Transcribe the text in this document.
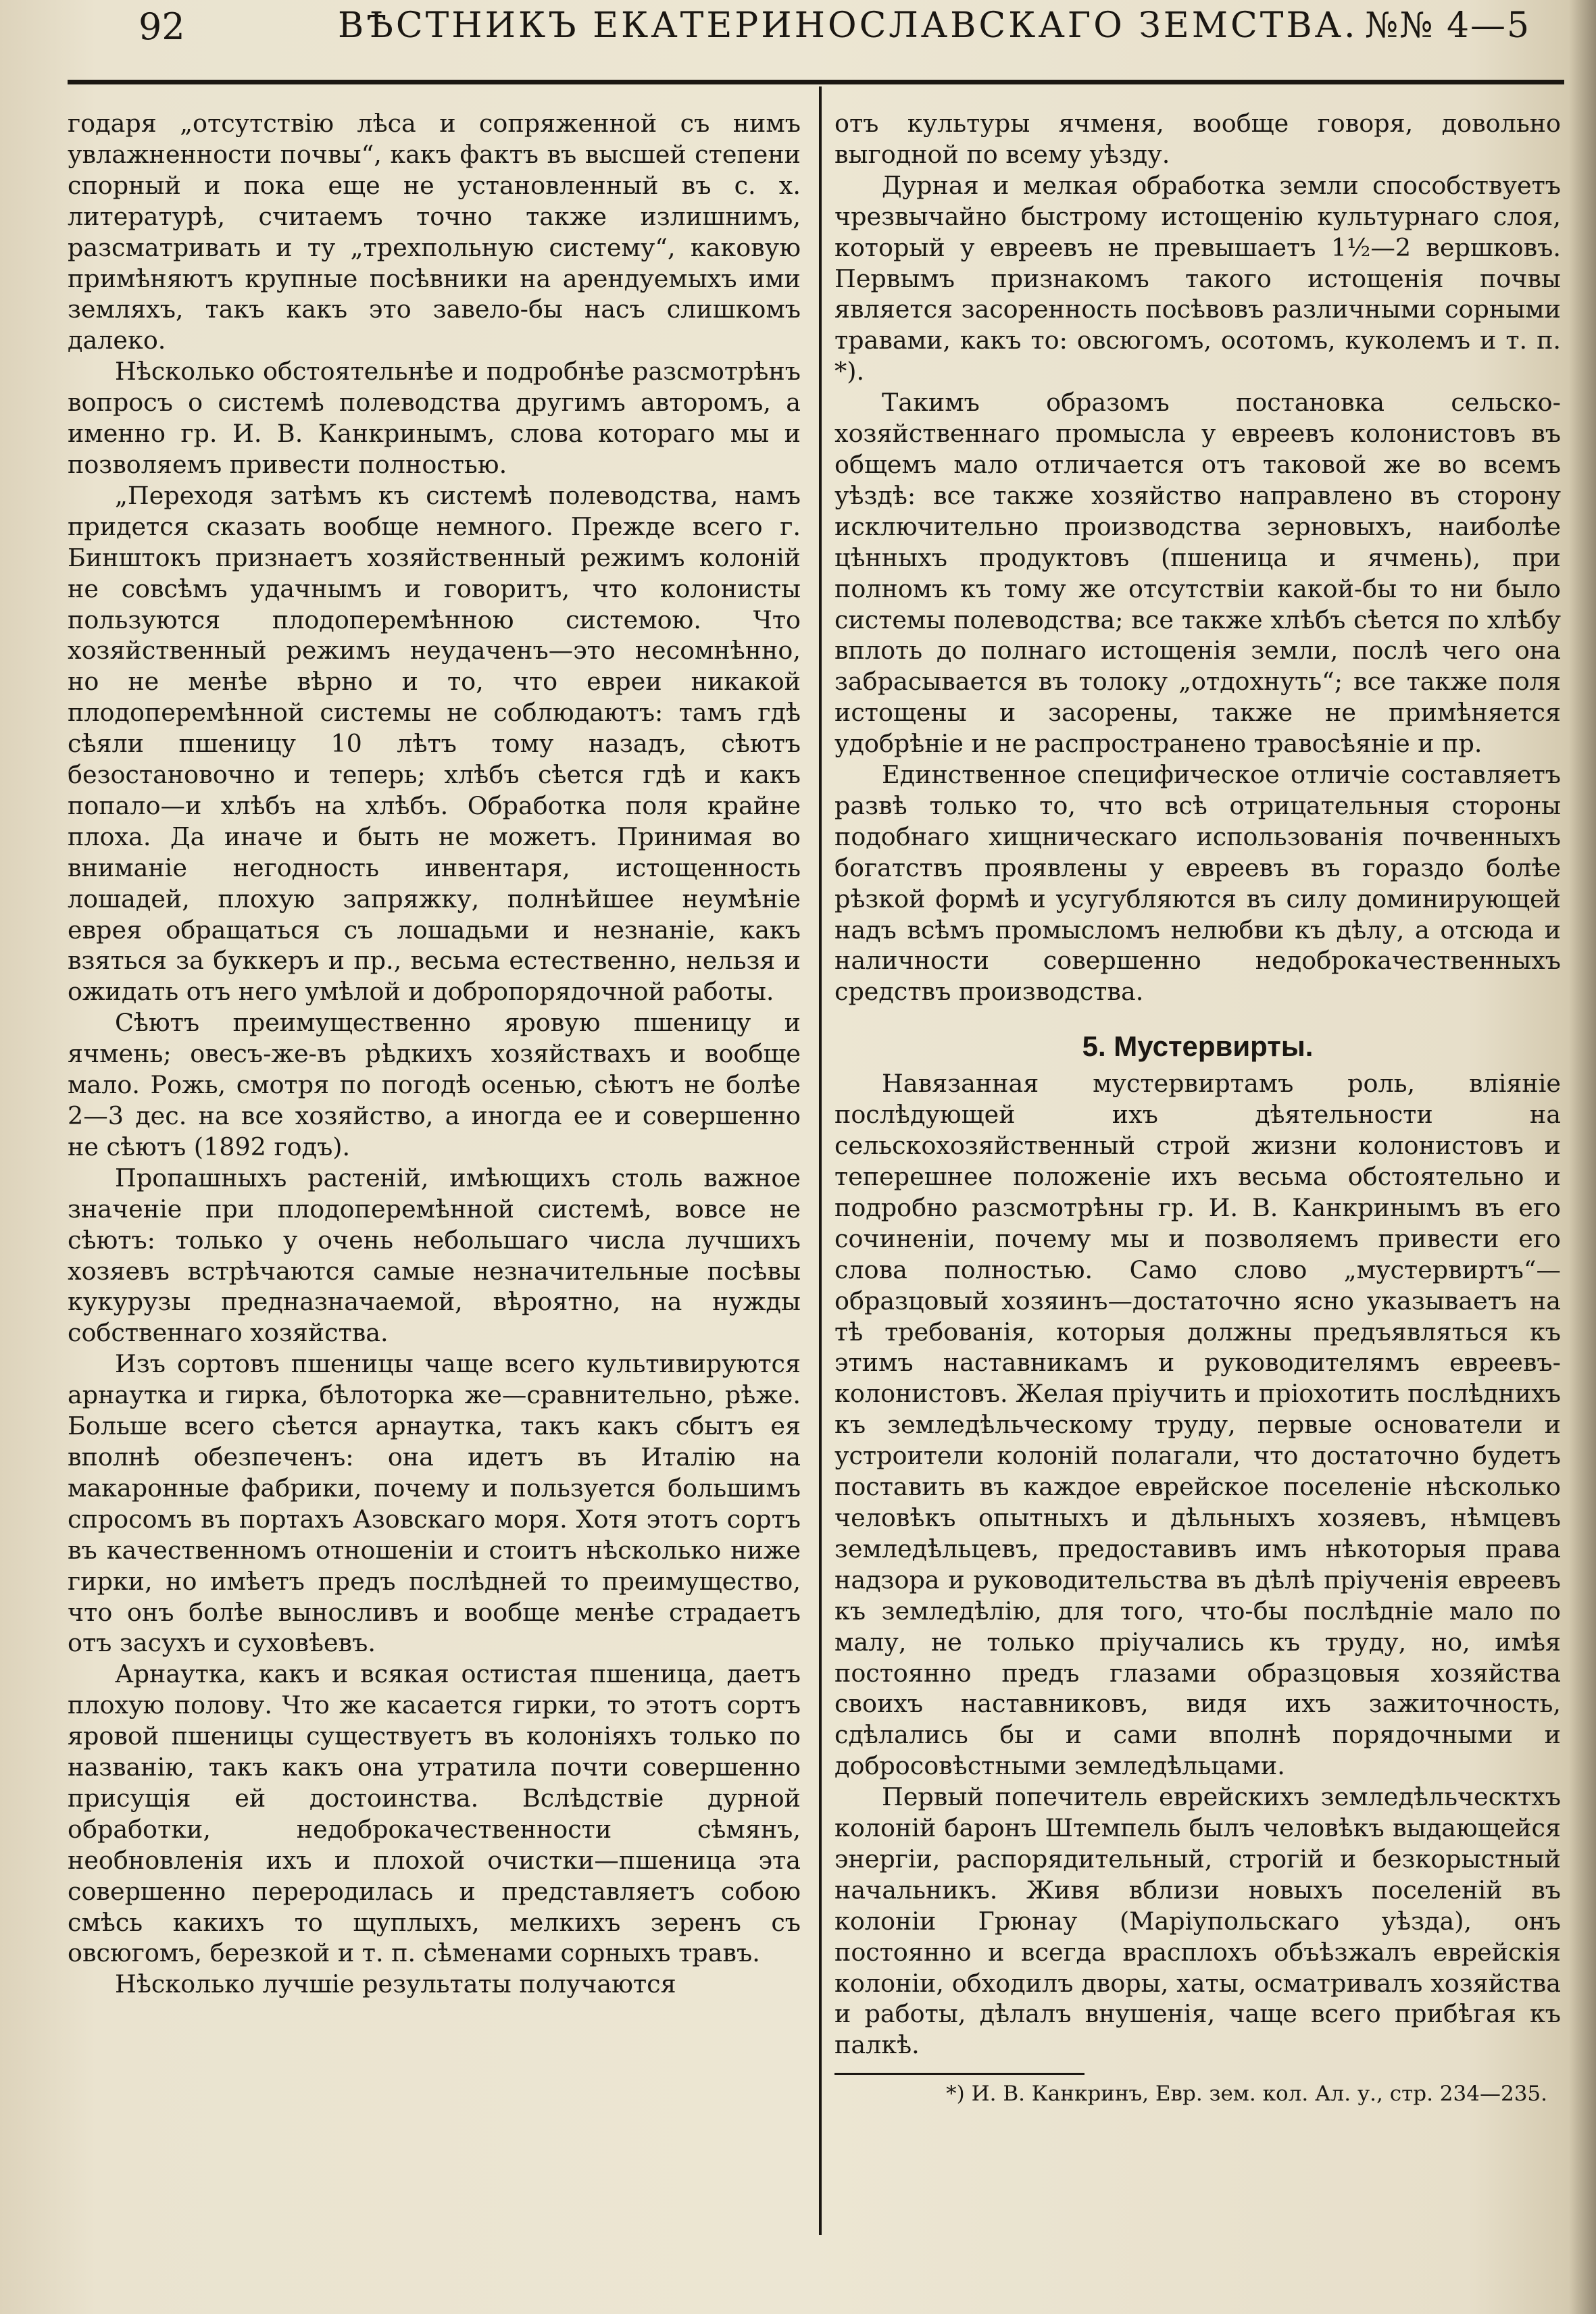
92	ВѢСТНИКЪ ЕКАТЕРИНОСЛАВСКАГО ЗЕМСТВА. №№ 4—5

годаря „отсутствію лѣса и сопряженной съ нимъ увлажненности почвы“, какъ фактъ въ высшей степени спорный и пока еще не установленный въ с. х. литературѣ, считаемъ точно также излишнимъ, разсматривать и ту „трехпольную систему“, каковую примѣняютъ крупные посѣвники на арендуемыхъ ими земляхъ, такъ какъ это завело-бы насъ слишкомъ далеко.

Нѣсколько обстоятельнѣе и подробнѣе разсмотрѣнъ вопросъ о системѣ полеводства другимъ авторомъ, а именно гр. И. В. Канкринымъ, слова котораго мы и позволяемъ привести полностью.

„Переходя затѣмъ къ системѣ полеводства, намъ придется сказать вообще немного. Прежде всего г. Бинштокъ признаетъ хозяйственный режимъ колоній не совсѣмъ удачнымъ и говоритъ, что колонисты пользуются плодоперемѣнною системою. Что хозяйственный режимъ неудаченъ—это несомнѣнно, но не менѣе вѣрно и то, что евреи никакой плодоперемѣнной системы не соблюдаютъ: тамъ гдѣ сѣяли пшеницу 10 лѣтъ тому назадъ, сѣютъ безостановочно и теперь; хлѣбъ сѣется гдѣ и какъ попало—и хлѣбъ на хлѣбъ. Обработка поля крайне плоха. Да иначе и быть не можетъ. Принимая во вниманіе негодность инвентаря, истощенность лошадей, плохую запряжку, полнѣйшее неумѣніе еврея обращаться съ лошадьми и незнаніе, какъ взяться за буккеръ и пр., весьма естественно, нельзя и ожидать отъ него умѣлой и добропорядочной работы.

Сѣютъ преимущественно яровую пшеницу и ячмень; овесъ-же-въ рѣдкихъ хозяйствахъ и вообще мало. Рожь, смотря по погодѣ осенью, сѣютъ не болѣе 2—3 дес. на все хозяйство, а иногда ее и совершенно не сѣютъ (1892 годъ).

Пропашныхъ растеній, имѣющихъ столь важное значеніе при плодоперемѣнной системѣ, вовсе не сѣютъ: только у очень небольшаго числа лучшихъ хозяевъ встрѣчаются самые незначительные посѣвы кукурузы предназначаемой, вѣроятно, на нужды собственнаго хозяйства.

Изъ сортовъ пшеницы чаще всего культивируются арнаутка и гирка, бѣлоторка же—сравнительно, рѣже. Больше всего сѣется арнаутка, такъ какъ сбытъ ея вполнѣ обезпеченъ: она идетъ въ Италію на макаронные фабрики, почему и пользуется большимъ спросомъ въ портахъ Азовскаго моря. Хотя этотъ сортъ въ качественномъ отношеніи и стоитъ нѣсколько ниже гирки, но имѣетъ предъ послѣдней то преимущество, что онъ болѣе выносливъ и вообще менѣе страдаетъ отъ засухъ и суховѣевъ.

Арнаутка, какъ и всякая остистая пшеница, даетъ плохую полову. Что же касается гирки, то этотъ сортъ яровой пшеницы существуетъ въ колоніяхъ только по названію, такъ какъ она утратила почти совершенно присущія ей достоинства. Вслѣдствіе дурной обработки, недоброкачественности сѣмянъ, необновленія ихъ и плохой очистки—пшеница эта совершенно переродилась и представляетъ собою смѣсь какихъ то щуплыхъ, мелкихъ зеренъ съ овсюгомъ, березкой и т. п. сѣменами сорныхъ травъ.

Нѣсколько лучшіе результаты получаются

отъ культуры ячменя, вообще говоря, довольно выгодной по всему уѣзду.

Дурная и мелкая обработка земли способствуетъ чрезвычайно быстрому истощенію культурнаго слоя, который у евреевъ не превышаетъ 1½—2 вершковъ. Первымъ признакомъ такого истощенія почвы является засоренность посѣвовъ различными сорными травами, какъ то: овсюгомъ, осотомъ, куколемъ и т. п. *).

Такимъ образомъ постановка сельско-хозяйственнаго промысла у евреевъ колонистовъ въ общемъ мало отличается отъ таковой же во всемъ уѣздѣ: все также хозяйство направлено въ сторону исключительно производства зерновыхъ, наиболѣе цѣнныхъ продуктовъ (пшеница и ячмень), при полномъ къ тому же отсутствіи какой-бы то ни было системы полеводства; все также хлѣбъ сѣется по хлѣбу вплоть до полнаго истощенія земли, послѣ чего она забрасывается въ толоку „отдохнуть“; все также поля истощены и засорены, также не примѣняется удобрѣніе и не распространено травосѣяніе и пр.

Единственное специфическое отличіе составляетъ развѣ только то, что всѣ отрицательныя стороны подобнаго хищническаго использованія почвенныхъ богатствъ проявлены у евреевъ въ гораздо болѣе рѣзкой формѣ и усугубляются въ силу доминирующей надъ всѣмъ промысломъ нелюбви къ дѣлу, а отсюда и наличности совершенно недоброкачественныхъ средствъ производства.

5. Мустервирты.

Навязанная мустервиртамъ роль, вліяніе послѣдующей ихъ дѣятельности на сельскохозяйственный строй жизни колонистовъ и теперешнее положеніе ихъ весьма обстоятельно и подробно разсмотрѣны гр. И. В. Канкринымъ въ его сочиненіи, почему мы и позволяемъ привести его слова полностью. Само слово „мустервиртъ“—образцовый хозяинъ—достаточно ясно указываетъ на тѣ требованія, которыя должны предъявляться къ этимъ наставникамъ и руководителямъ евреевъ-колонистовъ. Желая пріучить и пріохотить послѣднихъ къ земледѣльческому труду, первые основатели и устроители колоній полагали, что достаточно будетъ поставить въ каждое еврейское поселеніе нѣсколько человѣкъ опытныхъ и дѣльныхъ хозяевъ, нѣмцевъ земледѣльцевъ, предоставивъ имъ нѣкоторыя права надзора и руководительства въ дѣлѣ пріученія евреевъ къ земледѣлію, для того, что-бы послѣдніе мало по малу, не только пріучались къ труду, но, имѣя постоянно предъ глазами образцовыя хозяйства своихъ наставниковъ, видя ихъ зажиточность, сдѣлались бы и сами вполнѣ порядочными и добросовѣстными земледѣльцами.

Первый попечитель еврейскихъ земледѣльческтхъ колоній баронъ Штемпель былъ человѣкъ выдающейся энергіи, распорядительный, строгій и безкорыстный начальникъ. Живя вблизи новыхъ поселеній въ колоніи Грюнау (Маріупольскаго уѣзда), онъ постоянно и всегда врасплохъ объѣзжалъ еврейскія колоніи, обходилъ дворы, хаты, осматривалъ хозяйства и работы, дѣлалъ внушенія, чаще всего прибѣгая къ палкѣ.

*) И. В. Канкринъ, Евр. зем. кол. Ал. у., стр. 234—235.
